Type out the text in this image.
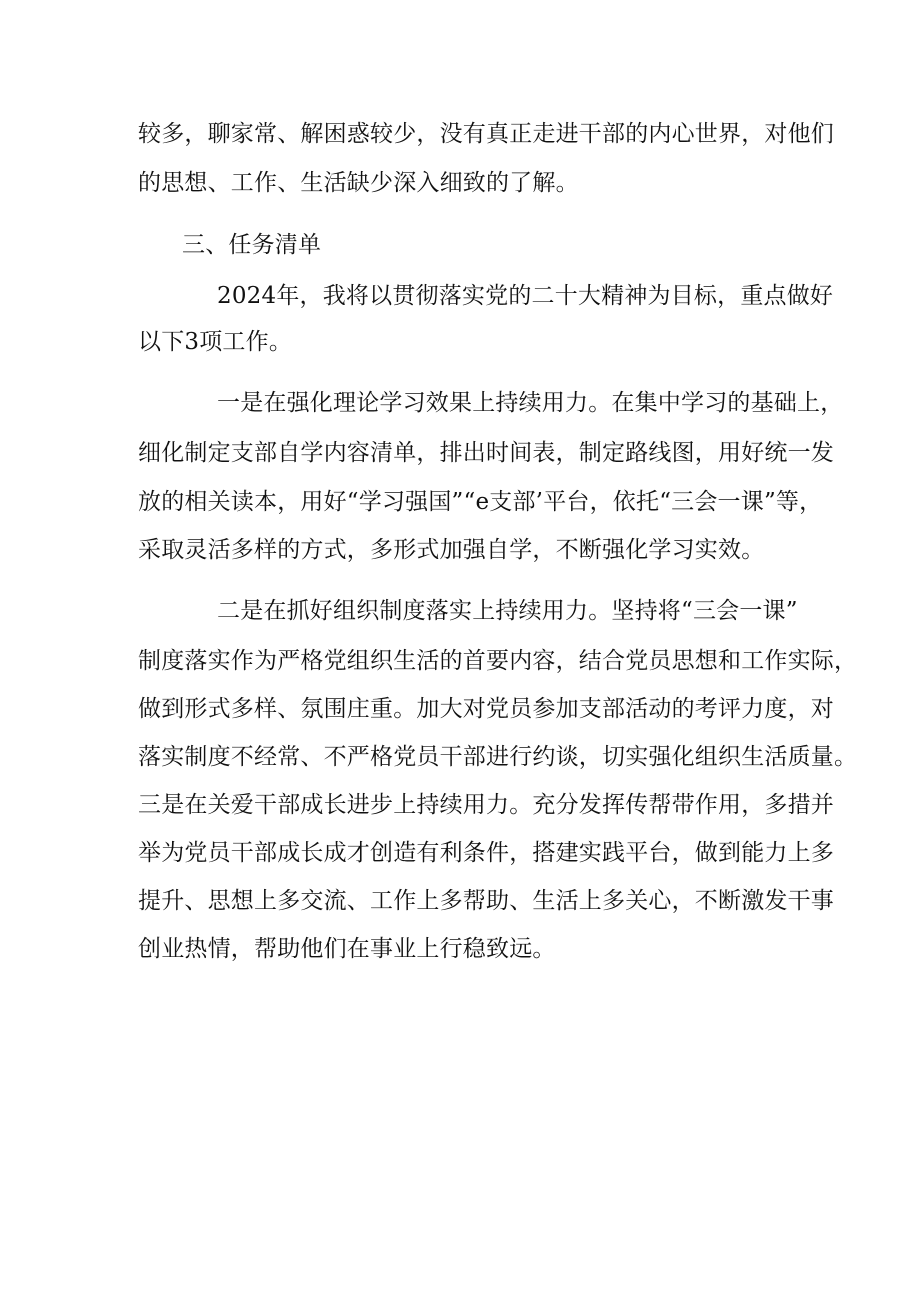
较多，聊家常、解困惑较少，没有真正走进干部的内心世界，对他们
的思想、工作、生活缺少深入细致的了解。
三、任务清单
2024年，我将以贯彻落实党的二十大精神为目标，重点做好
以下3项工作。
一是在强化理论学习效果上持续用力。在集中学习的基础上，
细化制定支部自学内容清单，排出时间表，制定路线图，用好统一发
放的相关读本，用好“学习强国”“e支部’平台，依托“三会一课”等，
采取灵活多样的方式，多形式加强自学，不断强化学习实效。
二是在抓好组织制度落实上持续用力。坚持将“三会一课”
制度落实作为严格党组织生活的首要内容，结合党员思想和工作实际，
做到形式多样、氛围庄重。加大对党员参加支部活动的考评力度，对
落实制度不经常、不严格党员干部进行约谈，切实强化组织生活质量。
三是在关爱干部成长进步上持续用力。充分发挥传帮带作用，多措并
举为党员干部成长成才创造有利条件，搭建实践平台，做到能力上多
提升、思想上多交流、工作上多帮助、生活上多关心，不断激发干事
创业热情，帮助他们在事业上行稳致远。
